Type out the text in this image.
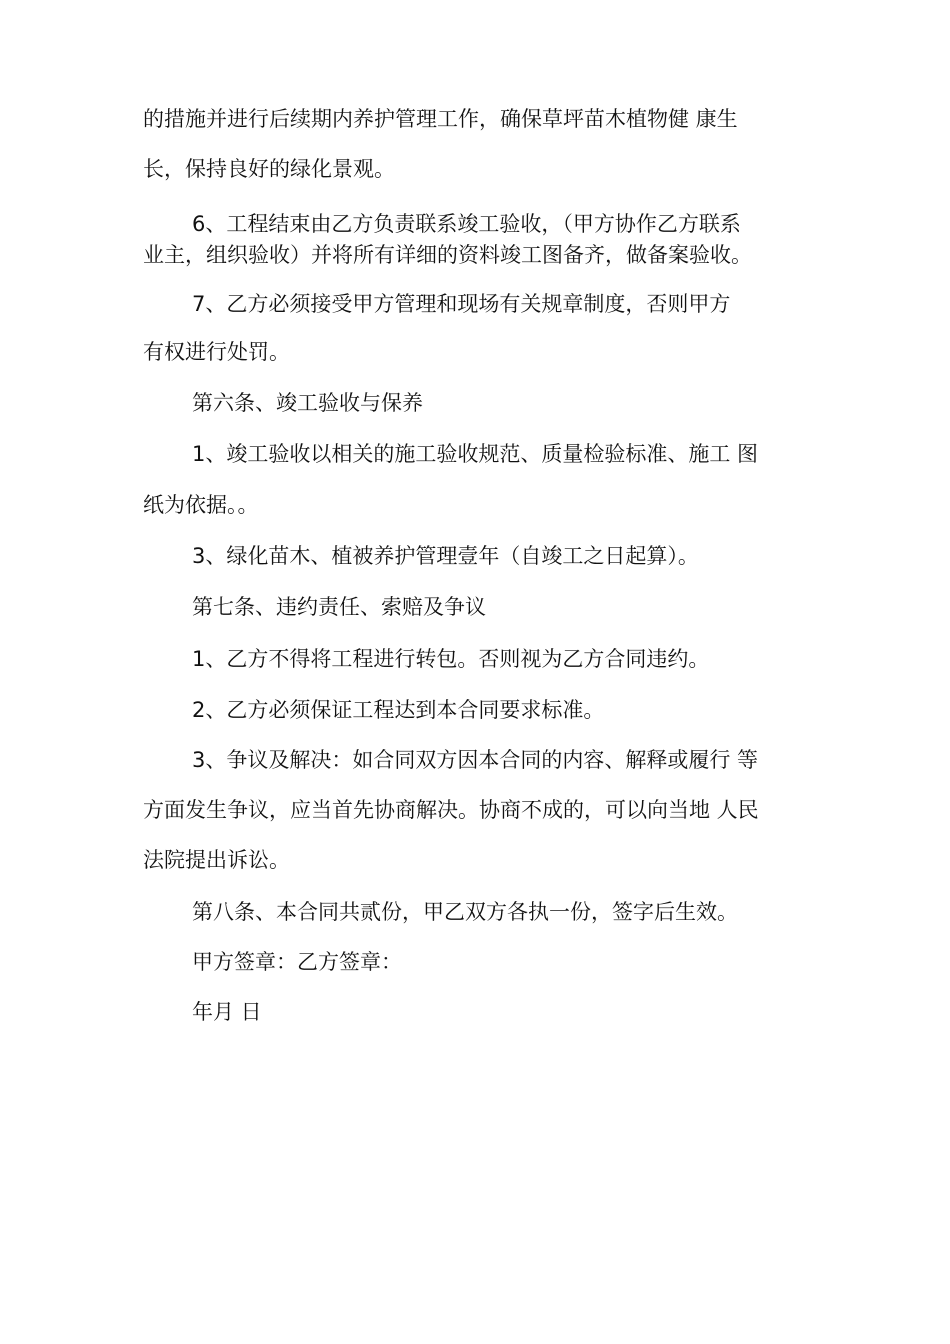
的措施并进行后续期内养护管理工作，确保草坪苗木植物健 康生
长，保持良好的绿化景观。
6、工程结束由乙方负责联系竣工验收，（甲方协作乙方联系
业主，组织验收）并将所有详细的资料竣工图备齐，做备案验收。
7、乙方必须接受甲方管理和现场有关规章制度，否则甲方
有权进行处罚。
第六条、竣工验收与保养
1、竣工验收以相关的施工验收规范、质量检验标准、施工 图
纸为依据。。
3、绿化苗木、植被养护管理壹年（自竣工之日起算）。
第七条、违约责任、索赔及争议
1、乙方不得将工程进行转包。否则视为乙方合同违约。
2、乙方必须保证工程达到本合同要求标准。
3、争议及解决：如合同双方因本合同的内容、解释或履行 等
方面发生争议，应当首先协商解决。协商不成的，可以向当地 人民
法院提出诉讼。
第八条、本合同共贰份，甲乙双方各执一份，签字后生效。
甲方签章：乙方签章：
年月 日
